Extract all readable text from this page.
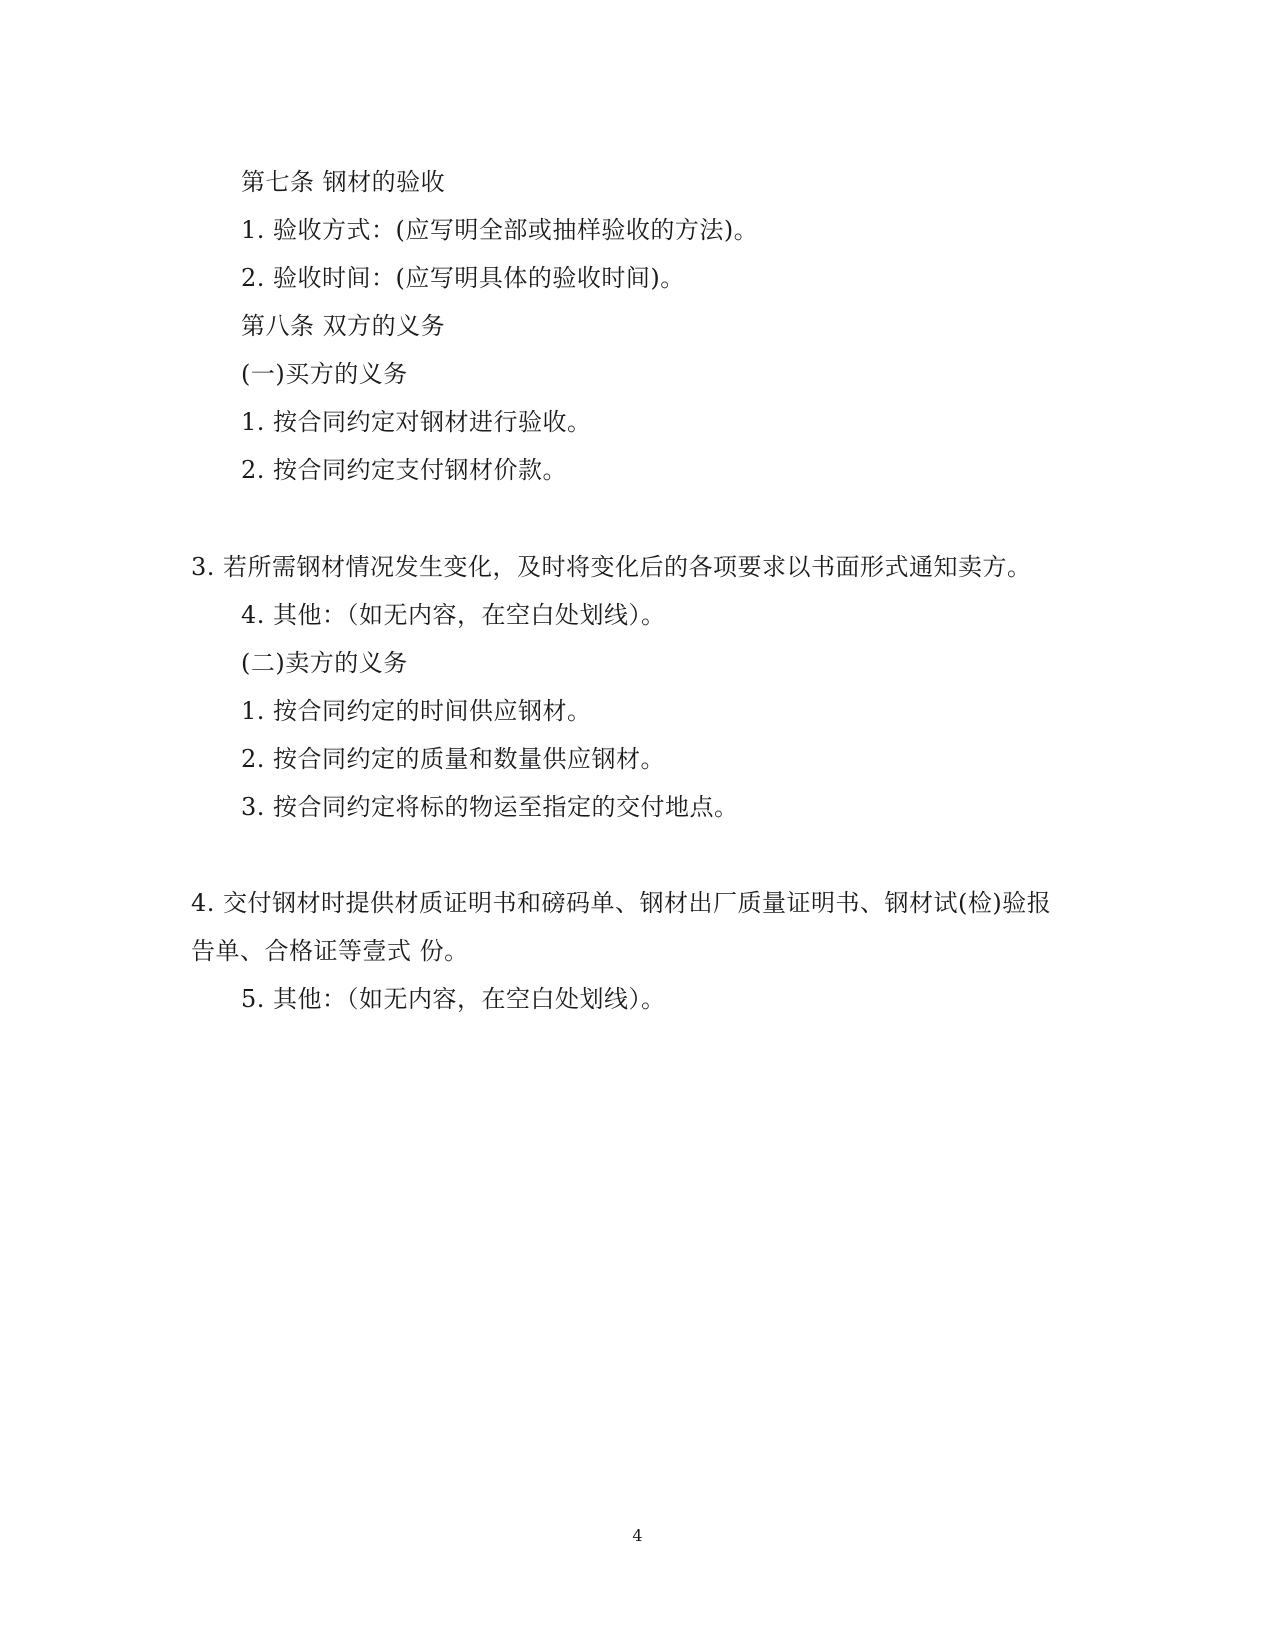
第七条 钢材的验收
1. 验收方式：(应写明全部或抽样验收的方法)。
2. 验收时间：(应写明具体的验收时间)。
第八条 双方的义务
(一)买方的义务
1. 按合同约定对钢材进行验收。
2. 按合同约定支付钢材价款。
3. 若所需钢材情况发生变化，及时将变化后的各项要求以书面形式通知卖方。
4. 其他：（如无内容，在空白处划线）。
(二)卖方的义务
1. 按合同约定的时间供应钢材。
2. 按合同约定的质量和数量供应钢材。
3. 按合同约定将标的物运至指定的交付地点。
4. 交付钢材时提供材质证明书和磅码单、钢材出厂质量证明书、钢材试(检)验报
告单、合格证等壹式 份。
5. 其他：（如无内容，在空白处划线）。
4
